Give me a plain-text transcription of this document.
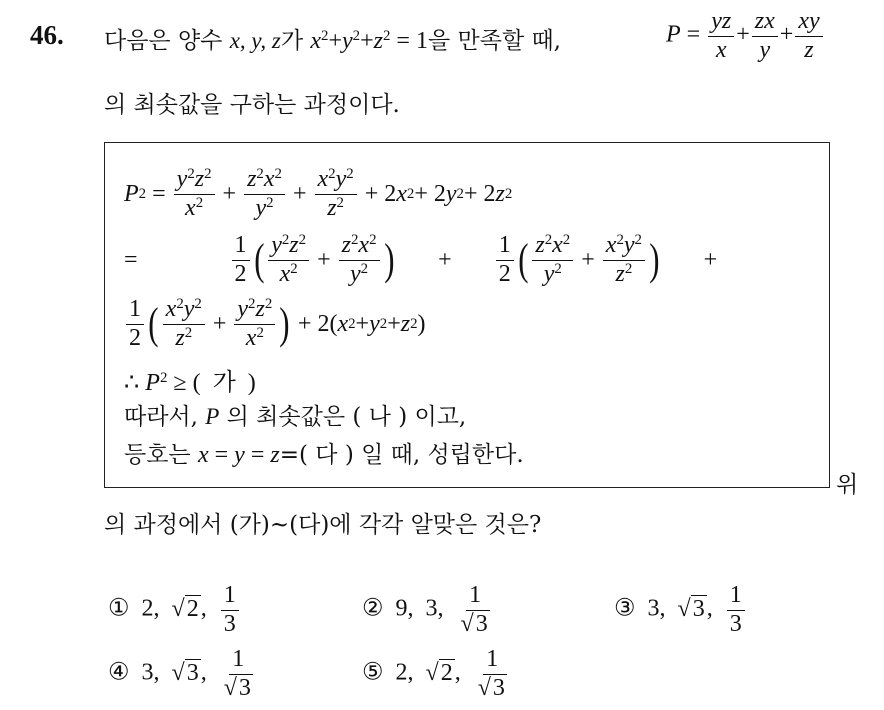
46. 다음은 양수 x, y, z가 $x^2+y^2+z^2 = 1$을 만족할 때,	$P = \frac{yz}{x} + \frac{zx}{y} + \frac{xy}{z}$
의 최솟값을 구하는 과정이다.
P $2 = \frac{y^2z^2}{x^2} + \frac{z^2x^2}{y^2} + \frac{x^2y^2}{z^2} + 2$ x 2 + 2 y 2 + 2 z 2
=	$\frac{1}{2}$ ( $\frac{y^2z^2}{x^2} + \frac{z^2x^2}{y^2}$ ) + $\frac{1}{2}$ ( $\frac{z^2x^2}{y^2} + \frac{x^2y^2}{z^2}$ ) +
$\frac{1}{2}$ ( $\frac{x^2y^2}{z^2} + \frac{y^2z^2}{x^2}$ ) + 2( x 2 + y 2 + z 2 )
∴ $P^2$ ≥ (  가  )
따라서, P 의 최솟값은 ( 나 ) 이고,
등호는 x = y = z=( 다 ) 일 때, 성립한다.
위
의 과정에서 (가)~(다)에 각각 알맞은 것은?
① 2, √2, $\frac{1}{3}$	② 9, 3, $\frac{1}{√3}$	③ 3, √3, $\frac{1}{3}$
④ 3, √3, $\frac{1}{√3}$	⑤ 2, √2, $\frac{1}{√3}$
